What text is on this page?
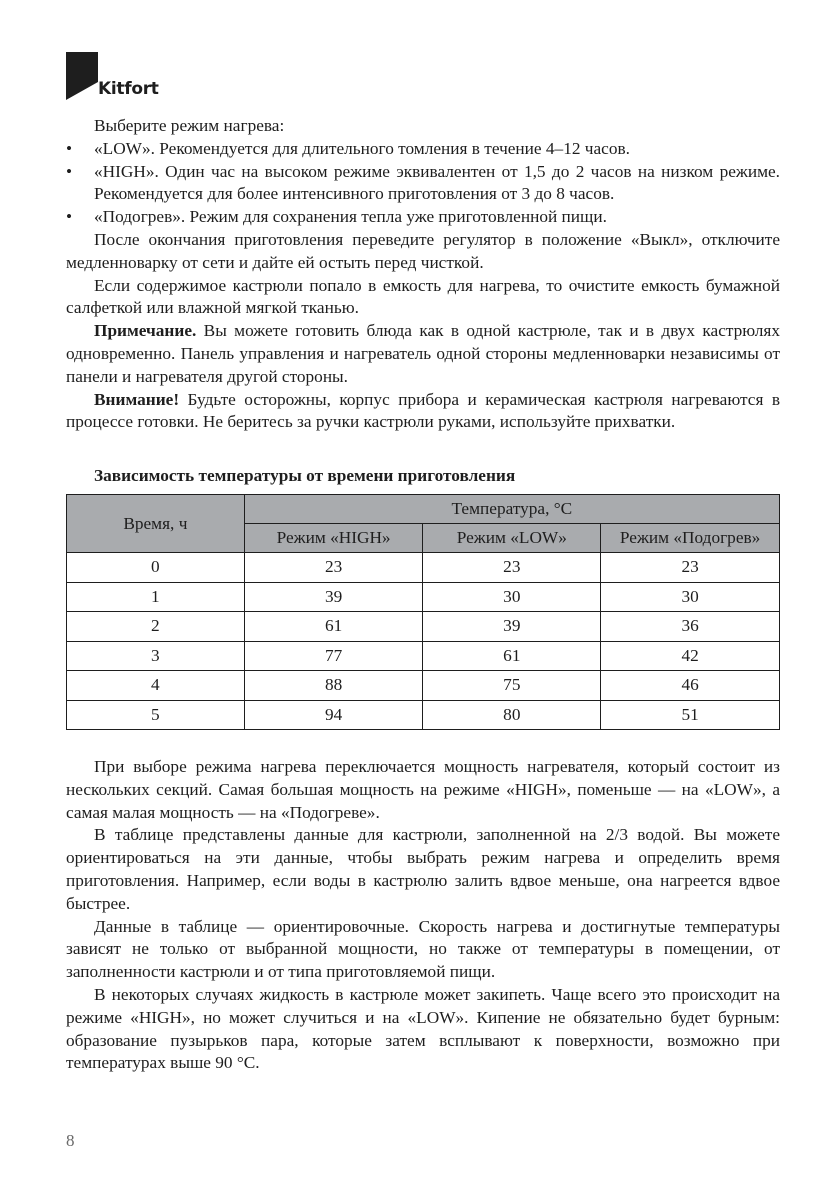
Kitfort

Выберите режим нагрева:

• «LOW». Рекомендуется для длительного томления в течение 4–12 часов.
• «HIGH». Один час на высоком режиме эквивалентен от 1,5 до 2 часов на низком режиме. Рекомендуется для более интенсивного приготовления от 3 до 8 часов.
• «Подогрев». Режим для сохранения тепла уже приготовленной пищи.

После окончания приготовления переведите регулятор в положение «Выкл», отключите медленноварку от сети и дайте ей остыть перед чисткой.

Если содержимое кастрюли попало в емкость для нагрева, то очистите емкость бумажной салфеткой или влажной мягкой тканью.

Примечание. Вы можете готовить блюда как в одной кастрюле, так и в двух кастрюлях одновременно. Панель управления и нагреватель одной стороны медленноварки независимы от панели и нагревателя другой стороны.

Внимание! Будьте осторожны, корпус прибора и керамическая кастрюля нагреваются в процессе готовки. Не беритесь за ручки кастрюли руками, используйте прихватки.

Зависимость температуры от времени приготовления
Время, ч	Температура, °С		
	Режим «HIGH»	Режим «LOW»	Режим «Подогрев»
0	23	23	23
1	39	30	30
2	61	39	36
3	77	61	42
4	88	75	46
5	94	80	51

При выборе режима нагрева переключается мощность нагревателя, который состоит из нескольких секций. Самая большая мощность на режиме «HIGH», поменьше — на «LOW», а самая малая мощность — на «Подогреве».

В таблице представлены данные для кастрюли, заполненной на 2/3 водой. Вы можете ориентироваться на эти данные, чтобы выбрать режим нагрева и определить время приготовления. Например, если воды в кастрюлю залить вдвое меньше, она нагреется вдвое быстрее.

Данные в таблице — ориентировочные. Скорость нагрева и достигнутые температуры зависят не только от выбранной мощности, но также от температуры в помещении, от заполненности кастрюли и от типа приготовляемой пищи.

В некоторых случаях жидкость в кастрюле может закипеть. Чаще всего это происходит на режиме «HIGH», но может случиться и на «LOW». Кипение не обязательно будет бурным: образование пузырьков пара, которые затем всплывают к поверхности, возможно при температурах выше 90 °С.

8
